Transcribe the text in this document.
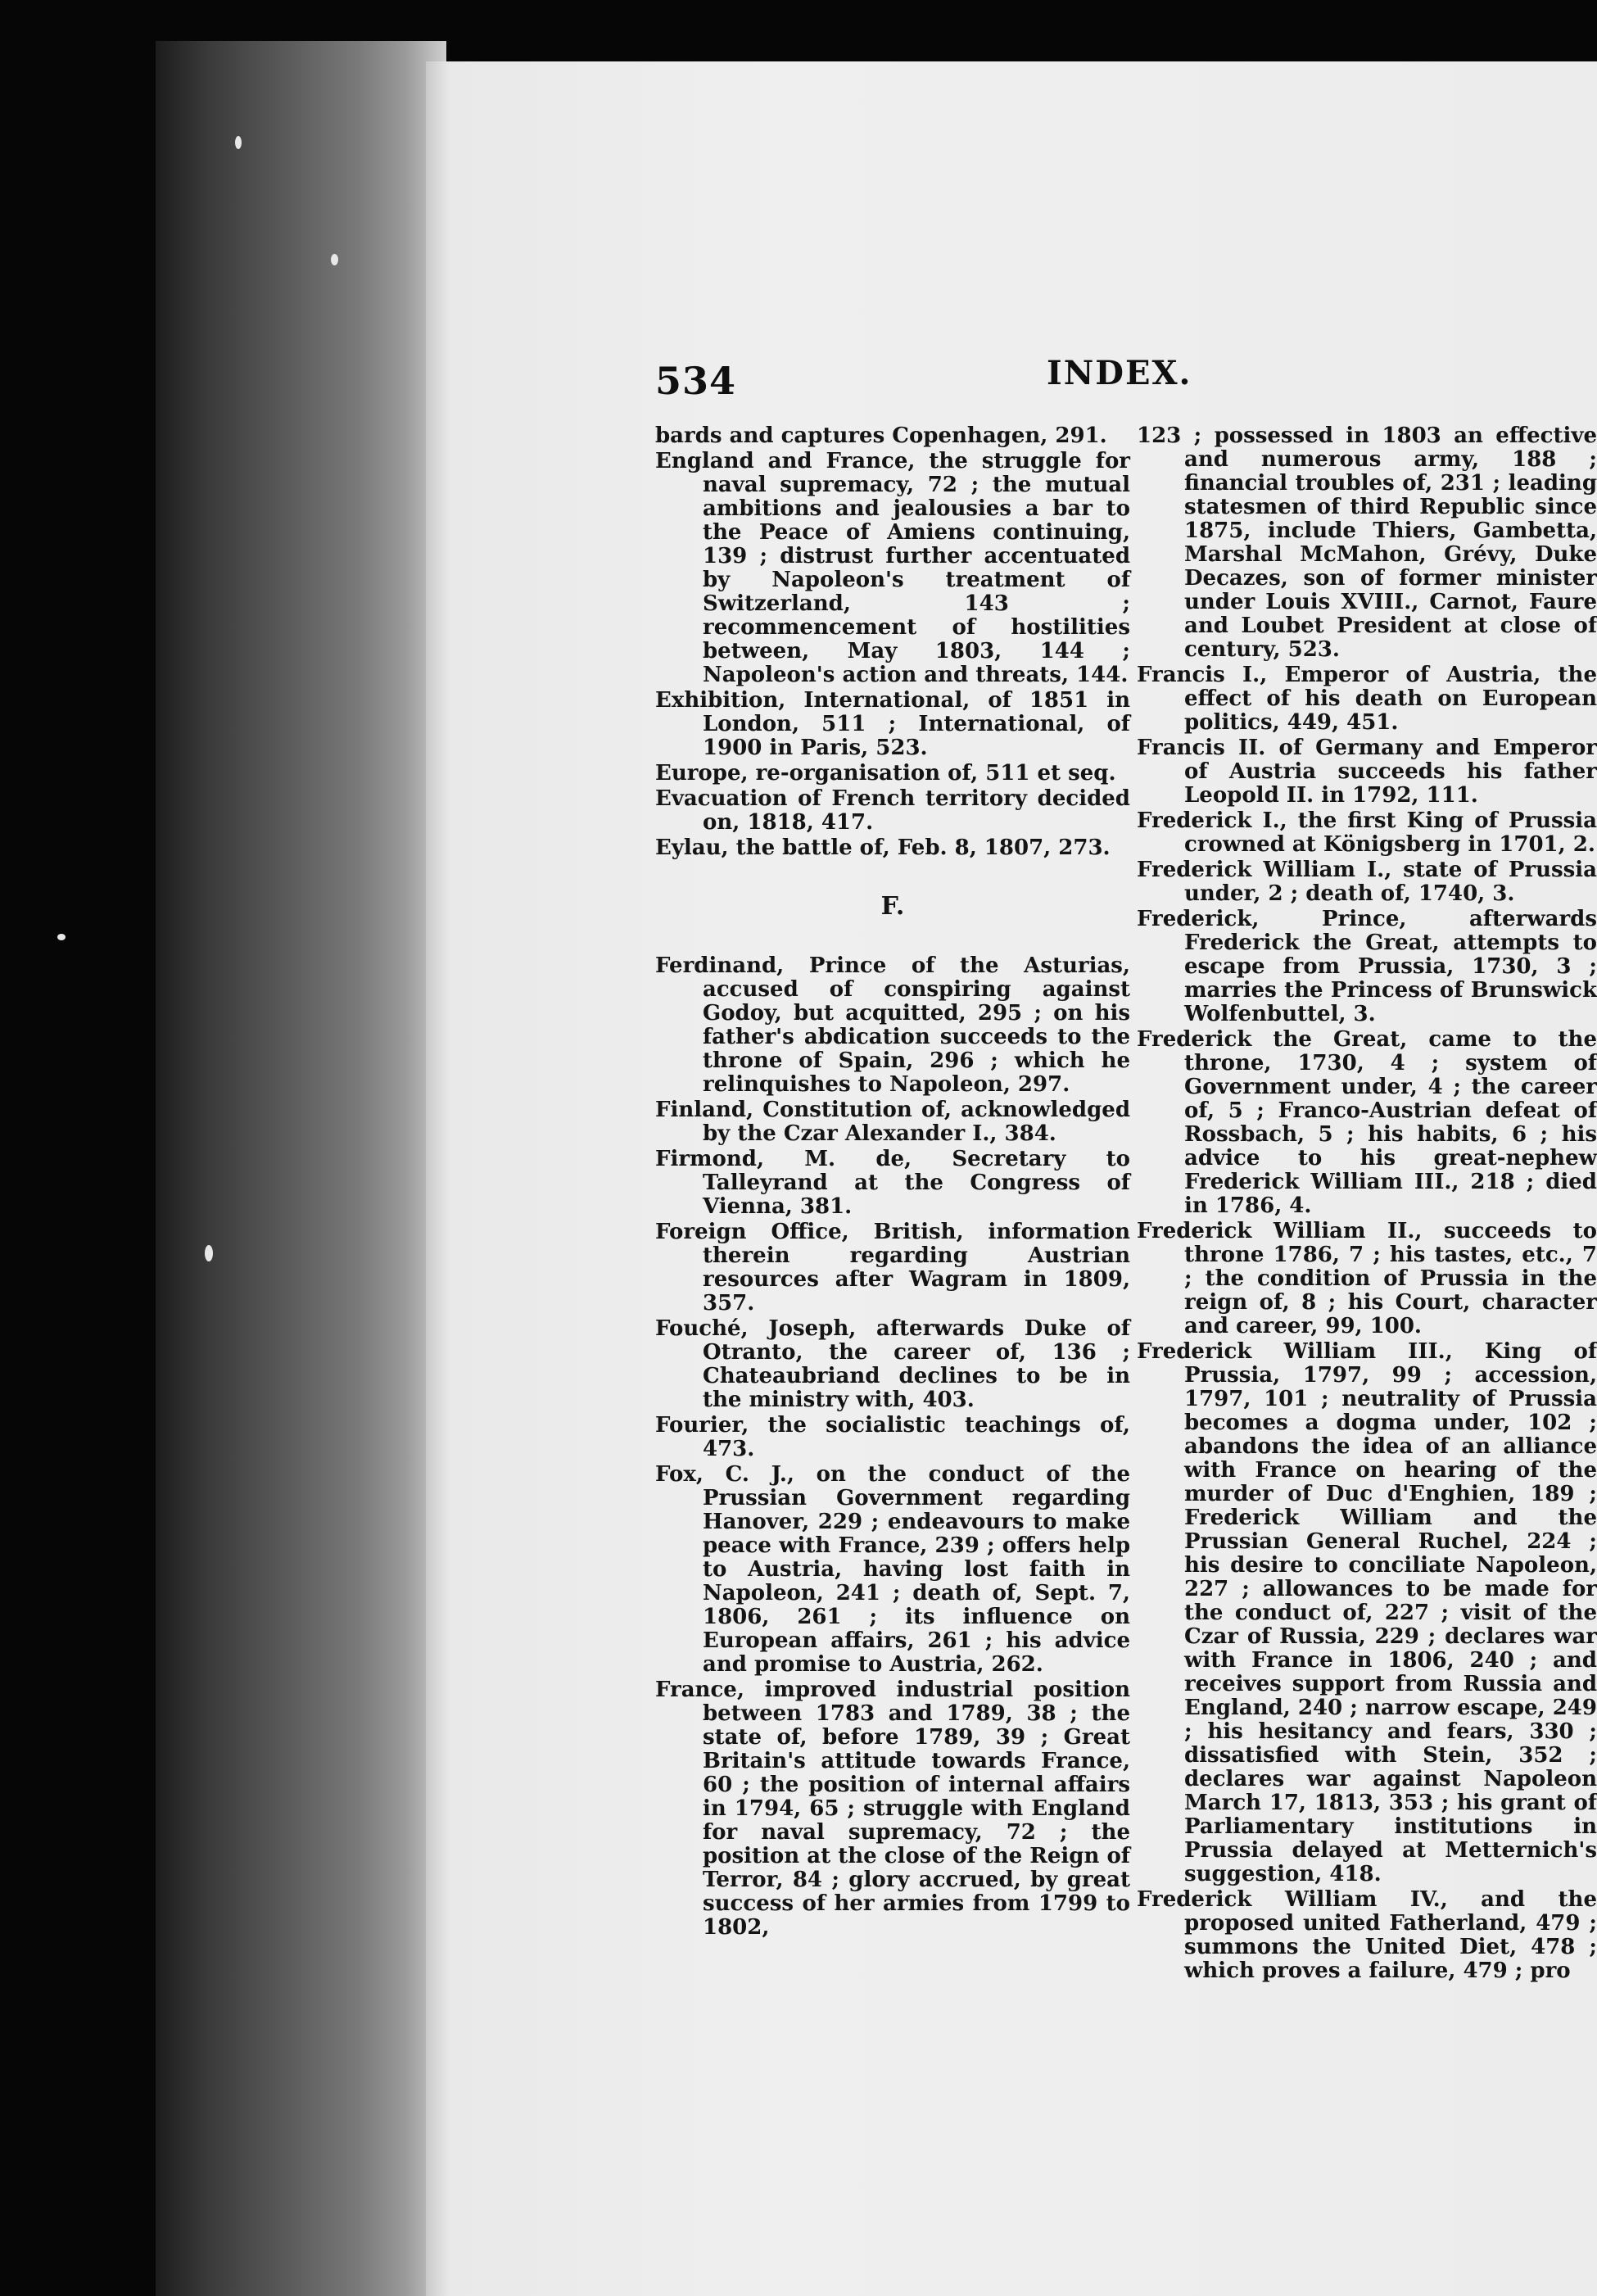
534	INDEX.

bards and captures Copenhagen, 291.

England and France, the struggle for naval supremacy, 72 ; the mutual ambitions and jealousies a bar to the Peace of Amiens continuing, 139 ; distrust further accentuated by Napoleon's treatment of Switzerland, 143 ; recommencement of hostilities between, May 1803, 144 ; Napoleon's action and threats, 144.

Exhibition, International, of 1851 in London, 511 ; International, of 1900 in Paris, 523.

Europe, re-organisation of, 511 et seq.

Evacuation of French territory decided on, 1818, 417.

Eylau, the battle of, Feb. 8, 1807, 273.

F.

Ferdinand, Prince of the Asturias, accused of conspiring against Godoy, but acquitted, 295 ; on his father's abdication succeeds to the throne of Spain, 296 ; which he relinquishes to Napoleon, 297.

Finland, Constitution of, acknowledged by the Czar Alexander I., 384.

Firmond, M. de, Secretary to Talleyrand at the Congress of Vienna, 381.

Foreign Office, British, information therein regarding Austrian resources after Wagram in 1809, 357.

Fouché, Joseph, afterwards Duke of Otranto, the career of, 136 ; Chateaubriand declines to be in the ministry with, 403.

Fourier, the socialistic teachings of, 473.

Fox, C. J., on the conduct of the Prussian Government regarding Hanover, 229 ; endeavours to make peace with France, 239 ; offers help to Austria, having lost faith in Napoleon, 241 ; death of, Sept. 7, 1806, 261 ; its influence on European affairs, 261 ; his advice and promise to Austria, 262.

France, improved industrial position between 1783 and 1789, 38 ; the state of, before 1789, 39 ; Great Britain's attitude towards France, 60 ; the position of internal affairs in 1794, 65 ; struggle with England for naval supremacy, 72 ; the position at the close of the Reign of Terror, 84 ; glory accrued, by great success of her armies from 1799 to 1802,

123 ; possessed in 1803 an effective and numerous army, 188 ; financial troubles of, 231 ; leading statesmen of third Republic since 1875, include Thiers, Gambetta, Marshal McMahon, Grévy, Duke Decazes, son of former minister under Louis XVIII., Carnot, Faure and Loubet President at close of century, 523.

Francis I., Emperor of Austria, the effect of his death on European politics, 449, 451.

Francis II. of Germany and Emperor of Austria succeeds his father Leopold II. in 1792, 111.

Frederick I., the first King of Prussia crowned at Königsberg in 1701, 2.

Frederick William I., state of Prussia under, 2 ; death of, 1740, 3.

Frederick, Prince, afterwards Frederick the Great, attempts to escape from Prussia, 1730, 3 ; marries the Princess of Brunswick Wolfenbuttel, 3.

Frederick the Great, came to the throne, 1730, 4 ; system of Government under, 4 ; the career of, 5 ; Franco-Austrian defeat of Rossbach, 5 ; his habits, 6 ; his advice to his great-nephew Frederick William III., 218 ; died in 1786, 4.

Frederick William II., succeeds to throne 1786, 7 ; his tastes, etc., 7 ; the condition of Prussia in the reign of, 8 ; his Court, character and career, 99, 100.

Frederick William III., King of Prussia, 1797, 99 ; accession, 1797, 101 ; neutrality of Prussia becomes a dogma under, 102 ; abandons the idea of an alliance with France on hearing of the murder of Duc d'Enghien, 189 ; Frederick William and the Prussian General Ruchel, 224 ; his desire to conciliate Napoleon, 227 ; allowances to be made for the conduct of, 227 ; visit of the Czar of Russia, 229 ; declares war with France in 1806, 240 ; and receives support from Russia and England, 240 ; narrow escape, 249 ; his hesitancy and fears, 330 ; dissatisfied with Stein, 352 ; declares war against Napoleon March 17, 1813, 353 ; his grant of Parliamentary institutions in Prussia delayed at Metternich's suggestion, 418.

Frederick William IV., and the proposed united Fatherland, 479 ; summons the United Diet, 478 ; which proves a failure, 479 ; pro
